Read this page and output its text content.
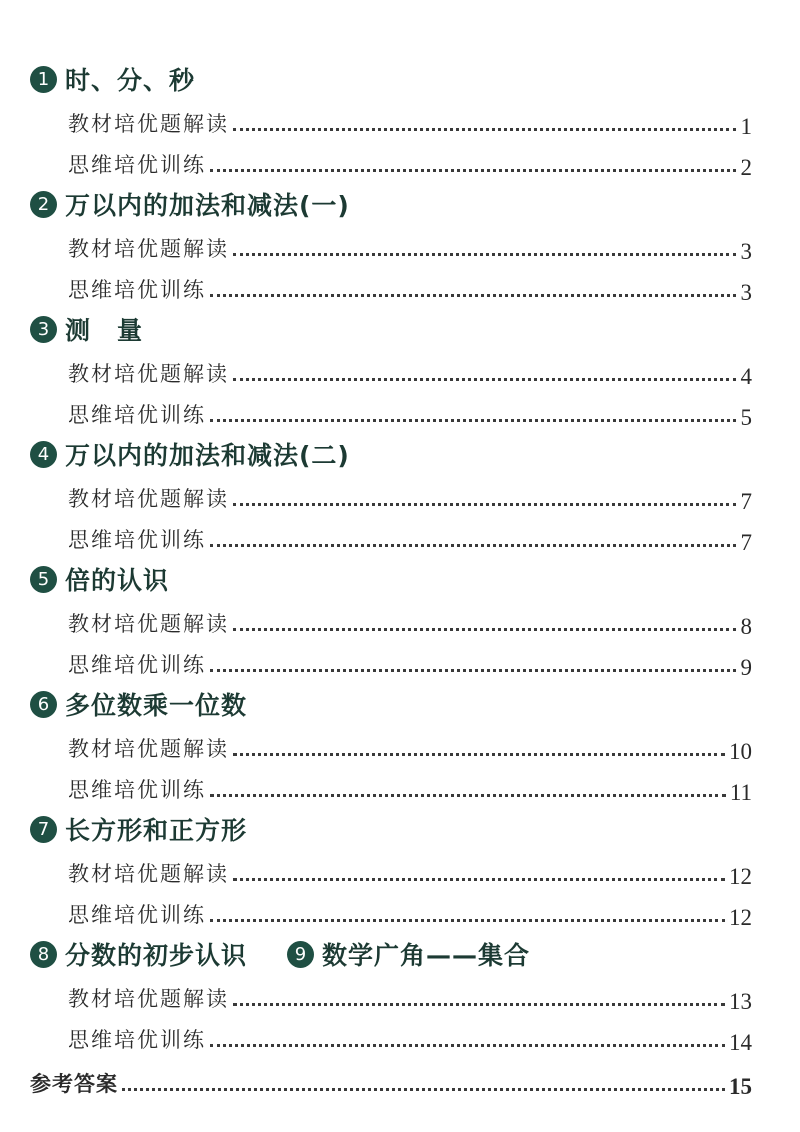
1 时、分、秒
教材培优题解读	1
思维培优训练	2
2 万以内的加法和减法(一)
教材培优题解读	3
思维培优训练	3
3 测　量
教材培优题解读	4
思维培优训练	5
4 万以内的加法和减法(二)
教材培优题解读	7
思维培优训练	7
5 倍的认识
教材培优题解读	8
思维培优训练	9
6 多位数乘一位数
教材培优题解读	10
思维培优训练	11
7 长方形和正方形
教材培优题解读	12
思维培优训练	12
8 分数的初步认识	9 数学广角——集合
教材培优题解读	13
思维培优训练	14
参考答案	15
